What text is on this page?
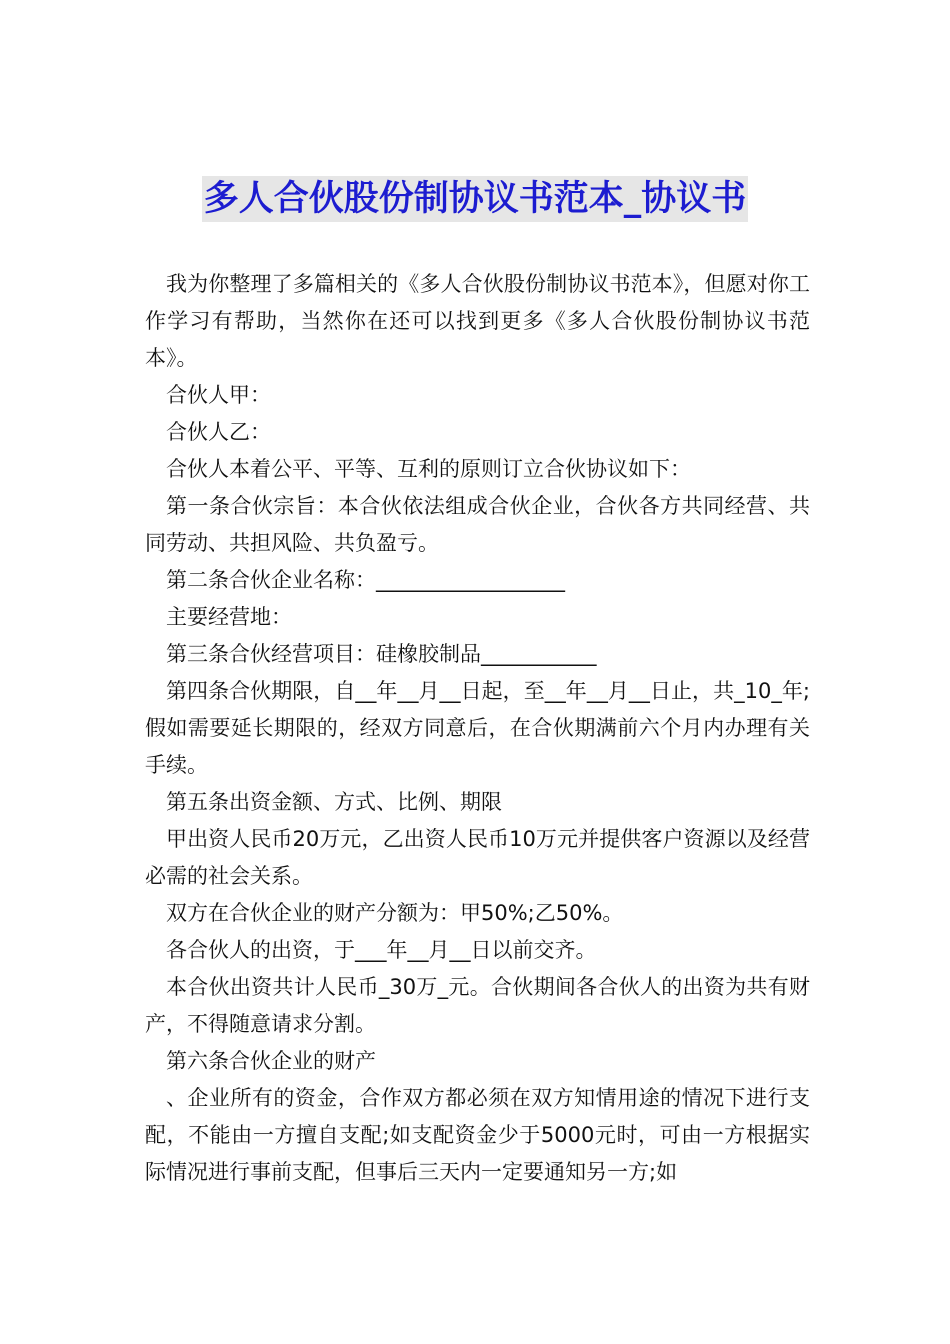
多人合伙股份制协议书范本_协议书

我为你整理了多篇相关的《多人合伙股份制协议书范本》，但愿对你工作学习有帮助，当然你在还可以找到更多《多人合伙股份制协议书范本》。

合伙人甲：

合伙人乙：

合伙人本着公平、平等、互利的原则订立合伙协议如下：

第一条合伙宗旨：本合伙依法组成合伙企业，合伙各方共同经营、共同劳动、共担风险、共负盈亏。

第二条合伙企业名称：__________________

主要经营地：

第三条合伙经营项目：硅橡胶制品___________

第四条合伙期限，自__年__月__日起，至__年__月__日止，共_10_年;假如需要延长期限的，经双方同意后，在合伙期满前六个月内办理有关手续。

第五条出资金额、方式、比例、期限

甲出资人民币20万元，乙出资人民币10万元并提供客户资源以及经营必需的社会关系。

双方在合伙企业的财产分额为：甲50%;乙50%。

各合伙人的出资，于___年__月__日以前交齐。

本合伙出资共计人民币_30万_元。合伙期间各合伙人的出资为共有财产，不得随意请求分割。

第六条合伙企业的财产

、企业所有的资金，合作双方都必须在双方知情用途的情况下进行支配，不能由一方擅自支配;如支配资金少于5000元时，可由一方根据实际情况进行事前支配，但事后三天内一定要通知另一方;如
